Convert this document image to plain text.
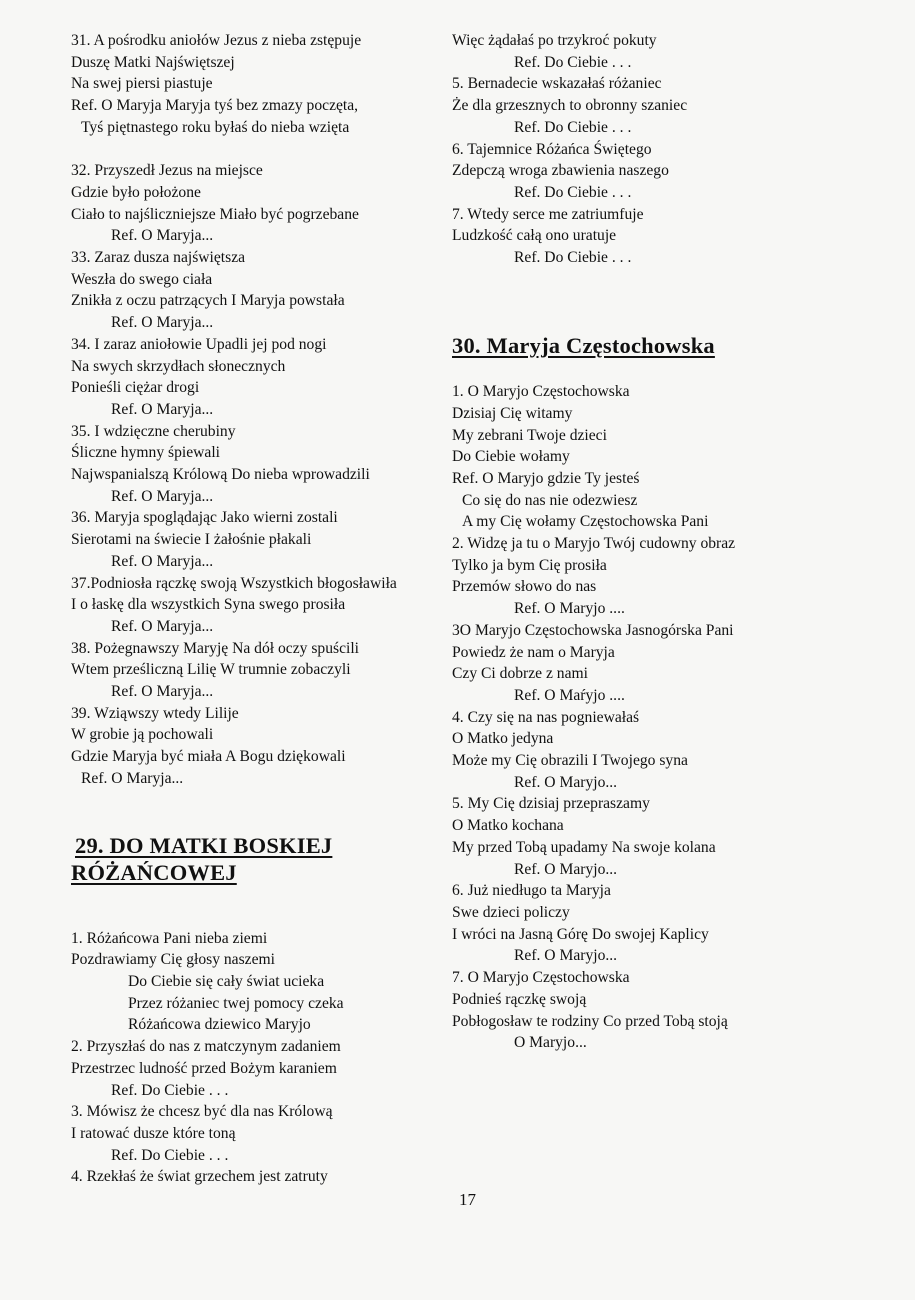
31. A pośrodku aniołów Jezus z nieba zstępuje
Duszę Matki Najświętszej
Na swej piersi piastuje
Ref. O Maryja Maryja tyś bez zmazy poczęta,
Tyś piętnastego roku byłaś do nieba wzięta
32. Przyszedł Jezus na miejsce
Gdzie było położone
Ciało to najśliczniejsze Miało być pogrzebane
Ref. O Maryja...
33. Zaraz dusza najświętsza
Weszła do swego ciała
Znikła z oczu patrzących I Maryja powstała
Ref. O Maryja...
34. I zaraz aniołowie Upadli jej pod nogi
Na swych skrzydłach słonecznych
Ponieśli ciężar drogi
Ref. O Maryja...
35. I wdzięczne cherubiny
Śliczne hymny śpiewali
Najwspanialszą Królową Do nieba wprowadzili
Ref. O Maryja...
36. Maryja spoglądając Jako wierni zostali
Sierotami na świecie I żałośnie płakali
Ref. O Maryja...
37.Podniosła rączkę swoją Wszystkich błogosławiła
I o łaskę dla wszystkich Syna swego prosiła
Ref. O Maryja...
38. Pożegnawszy Maryję Na dół oczy spuścili
Wtem prześliczną Lilię W trumnie zobaczyli
Ref. O Maryja...
39. Wziąwszy wtedy Lilije
W grobie ją pochowali
Gdzie Maryja być miała A Bogu dziękowali
Ref. O Maryja...
29. DO MATKI BOSKIEJ
RÓŻAŃCOWEJ
1. Różańcowa Pani nieba ziemi
Pozdrawiamy Cię głosy naszemi
Do Ciebie się cały świat ucieka
Przez różaniec twej pomocy czeka
Różańcowa dziewico Maryjo
2. Przyszłaś do nas z matczynym zadaniem
Przestrzec ludność przed Bożym karaniem
Ref. Do Ciebie . . .
3. Mówisz że chcesz być dla nas Królową
I ratować dusze które toną
Ref. Do Ciebie . . .
4. Rzekłaś że świat grzechem jest zatruty
Więc żądałaś po trzykroć pokuty
Ref. Do Ciebie . . .
5. Bernadecie wskazałaś różaniec
Że dla grzesznych to obronny szaniec
Ref. Do Ciebie . . .
6. Tajemnice Różańca Świętego
Zdepczą wroga zbawienia naszego
Ref. Do Ciebie . . .
7. Wtedy serce me zatriumfuje
Ludzkość całą ono uratuje
Ref. Do Ciebie . . .
30. Maryja Częstochowska
1. O Maryjo Częstochowska
Dzisiaj Cię witamy
My zebrani Twoje dzieci
Do Ciebie wołamy
Ref. O Maryjo gdzie Ty jesteś
Co się do nas nie odezwiesz
A my Cię wołamy Częstochowska Pani
2. Widzę ja tu o Maryjo Twój cudowny obraz
Tylko ja bym Cię prosiła
Przemów słowo do nas
Ref. O Maryjo ....
3O Maryjo Częstochowska Jasnogórska Pani
Powiedz że nam o Maryja
Czy Ci dobrze z nami
Ref. O Maŕyjo ....
4. Czy się na nas pogniewałaś
O Matko jedyna
Może my Cię obrazili I Twojego syna
Ref. O Maryjo...
5. My Cię dzisiaj przepraszamy
O Matko kochana
My przed Tobą upadamy Na swoje kolana
Ref. O Maryjo...
6. Już niedługo ta Maryja
Swe dzieci policzy
I wróci na Jasną Górę Do swojej Kaplicy
Ref. O Maryjo...
7. O Maryjo Częstochowska
Podnieś rączkę swoją
Pobłogosław te rodziny Co przed Tobą stoją
O Maryjo...
17
